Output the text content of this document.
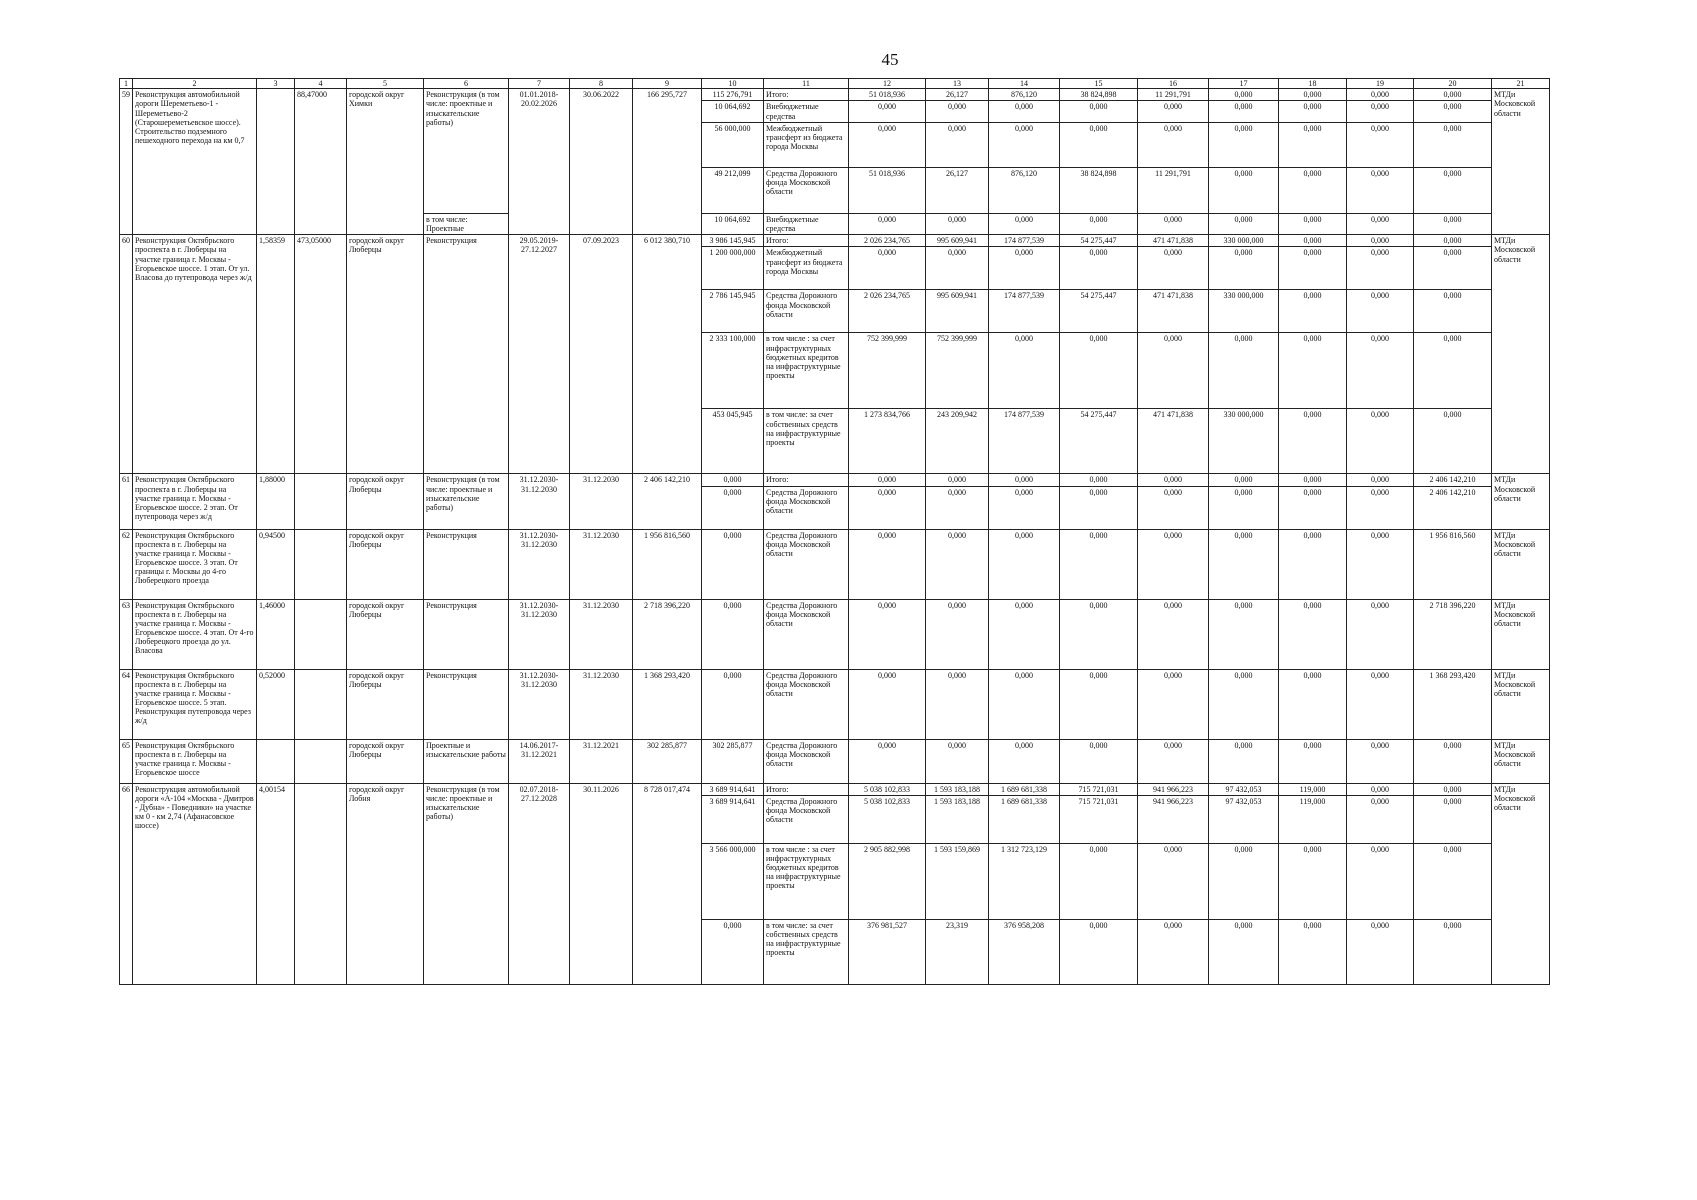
45
1	2	3	4	5	6	7	8	9	10	11	12	13	14	15	16	17	18	19	20	21
59	Реконструкция автомобильной дороги Шереметьево-1 - Шереметьево-2 (Старошереметьевское шоссе). Строительство подземного пешеходного перехода на км 0,7		88,47000	городской округ Химки	Реконструкция (в том числе: проектные и изыскательские работы)	01.01.2018-20.02.2026	30.06.2022	166 295,727	115 276,791	Итого:	51 018,936	26,127	876,120	38 824,898	11 291,791	0,000	0,000	0,000	0,000	МТДи Московской области
									10 064,692	Внебюджетные средства	0,000	0,000	0,000	0,000	0,000	0,000	0,000	0,000	0,000	
									56 000,000	Межбюджетный трансферт из бюджета города Москвы	0,000	0,000	0,000	0,000	0,000	0,000	0,000	0,000	0,000	
									49 212,099	Средства Дорожного фонда Московской области	51 018,936	26,127	876,120	38 824,898	11 291,791	0,000	0,000	0,000	0,000	
					в том числе: Проектные				10 064,692	Внебюджетные средства	0,000	0,000	0,000	0,000	0,000	0,000	0,000	0,000	0,000	
60	Реконструкция Октябрьского проспекта в г. Люберцы на участке граница г. Москвы - Егорьевское шоссе. 1 этап. От ул. Власова до путепровода через ж/д	1,58359	473,05000	городской округ Люберцы	Реконструкция	29.05.2019-27.12.2027	07.09.2023	6 012 380,710	3 986 145,945	Итого:	2 026 234,765	995 609,941	174 877,539	54 275,447	471 471,838	330 000,000	0,000	0,000	0,000	МТДи Московской области
									1 200 000,000	Межбюджетный трансферт из бюджета города Москвы	0,000	0,000	0,000	0,000	0,000	0,000	0,000	0,000	0,000	
									2 786 145,945	Средства Дорожного фонда Московской области	2 026 234,765	995 609,941	174 877,539	54 275,447	471 471,838	330 000,000	0,000	0,000	0,000	
									2 333 100,000	в том числе : за счет инфраструктурных бюджетных кредитов на инфраструктурные проекты	752 399,999	752 399,999	0,000	0,000	0,000	0,000	0,000	0,000	0,000	
									453 045,945	в том числе: за счет собственных средств на инфраструктурные проекты	1 273 834,766	243 209,942	174 877,539	54 275,447	471 471,838	330 000,000	0,000	0,000	0,000	
61	Реконструкция Октябрьского проспекта в г. Люберцы на участке граница г. Москвы - Егорьевское шоссе. 2 этап. От путепровода через ж/д	1,88000		городской округ Люберцы	Реконструкция (в том числе: проектные и изыскательские работы)	31.12.2030-31.12.2030	31.12.2030	2 406 142,210	0,000	Итого:	0,000	0,000	0,000	0,000	0,000	0,000	0,000	0,000	2 406 142,210	МТДи Московской области
									0,000	Средства Дорожного фонда Московской области	0,000	0,000	0,000	0,000	0,000	0,000	0,000	0,000	2 406 142,210	
62	Реконструкция Октябрьского проспекта в г. Люберцы на участке граница г. Москвы - Егорьевское шоссе. 3 этап. От границы г. Москвы до 4-го Люберецкого проезда	0,94500		городской округ Люберцы	Реконструкция	31.12.2030-31.12.2030	31.12.2030	1 956 816,560	0,000	Средства Дорожного фонда Московской области	0,000	0,000	0,000	0,000	0,000	0,000	0,000	0,000	1 956 816,560	МТДи Московской области
63	Реконструкция Октябрьского проспекта в г. Люберцы на участке граница г. Москвы - Егорьевское шоссе. 4 этап. От 4-го Люберецкого проезда до ул. Власова	1,46000		городской округ Люберцы	Реконструкция	31.12.2030-31.12.2030	31.12.2030	2 718 396,220	0,000	Средства Дорожного фонда Московской области	0,000	0,000	0,000	0,000	0,000	0,000	0,000	0,000	2 718 396,220	МТДи Московской области
64	Реконструкция Октябрьского проспекта в г. Люберцы на участке граница г. Москвы - Егорьевское шоссе. 5 этап. Реконструкция путепровода через ж/д	0,52000		городской округ Люберцы	Реконструкция	31.12.2030-31.12.2030	31.12.2030	1 368 293,420	0,000	Средства Дорожного фонда Московской области	0,000	0,000	0,000	0,000	0,000	0,000	0,000	0,000	1 368 293,420	МТДи Московской области
65	Реконструкция Октябрьского проспекта в г. Люберцы на участке граница г. Москвы - Егорьевское шоссе			городской округ Люберцы	Проектные и изыскательские работы	14.06.2017-31.12.2021	31.12.2021	302 285,877	302 285,877	Средства Дорожного фонда Московской области	0,000	0,000	0,000	0,000	0,000	0,000	0,000	0,000	0,000	МТДи Московской области
66	Реконструкция автомобильной дороги «А-104 «Москва - Дмитров - Дубна» - Поведники» на участке км 0 - км 2,74 (Афанасовское шоссе)	4,00154		городской округ Лобня	Реконструкция (в том числе: проектные и изыскательские работы)	02.07.2018-27.12.2028	30.11.2026	8 728 017,474	3 689 914,641	Итого:	5 038 102,833	1 593 183,188	1 689 681,338	715 721,031	941 966,223	97 432,053	119,000	0,000	0,000	МТДи Московской области
									3 689 914,641	Средства Дорожного фонда Московской области	5 038 102,833	1 593 183,188	1 689 681,338	715 721,031	941 966,223	97 432,053	119,000	0,000	0,000	
									3 566 000,000	в том числе : за счет инфраструктурных бюджетных кредитов на инфраструктурные проекты	2 905 882,998	1 593 159,869	1 312 723,129	0,000	0,000	0,000	0,000	0,000	0,000	
									0,000	в том числе: за счет собственных средств на инфраструктурные проекты	376 981,527	23,319	376 958,208	0,000	0,000	0,000	0,000	0,000	0,000	
